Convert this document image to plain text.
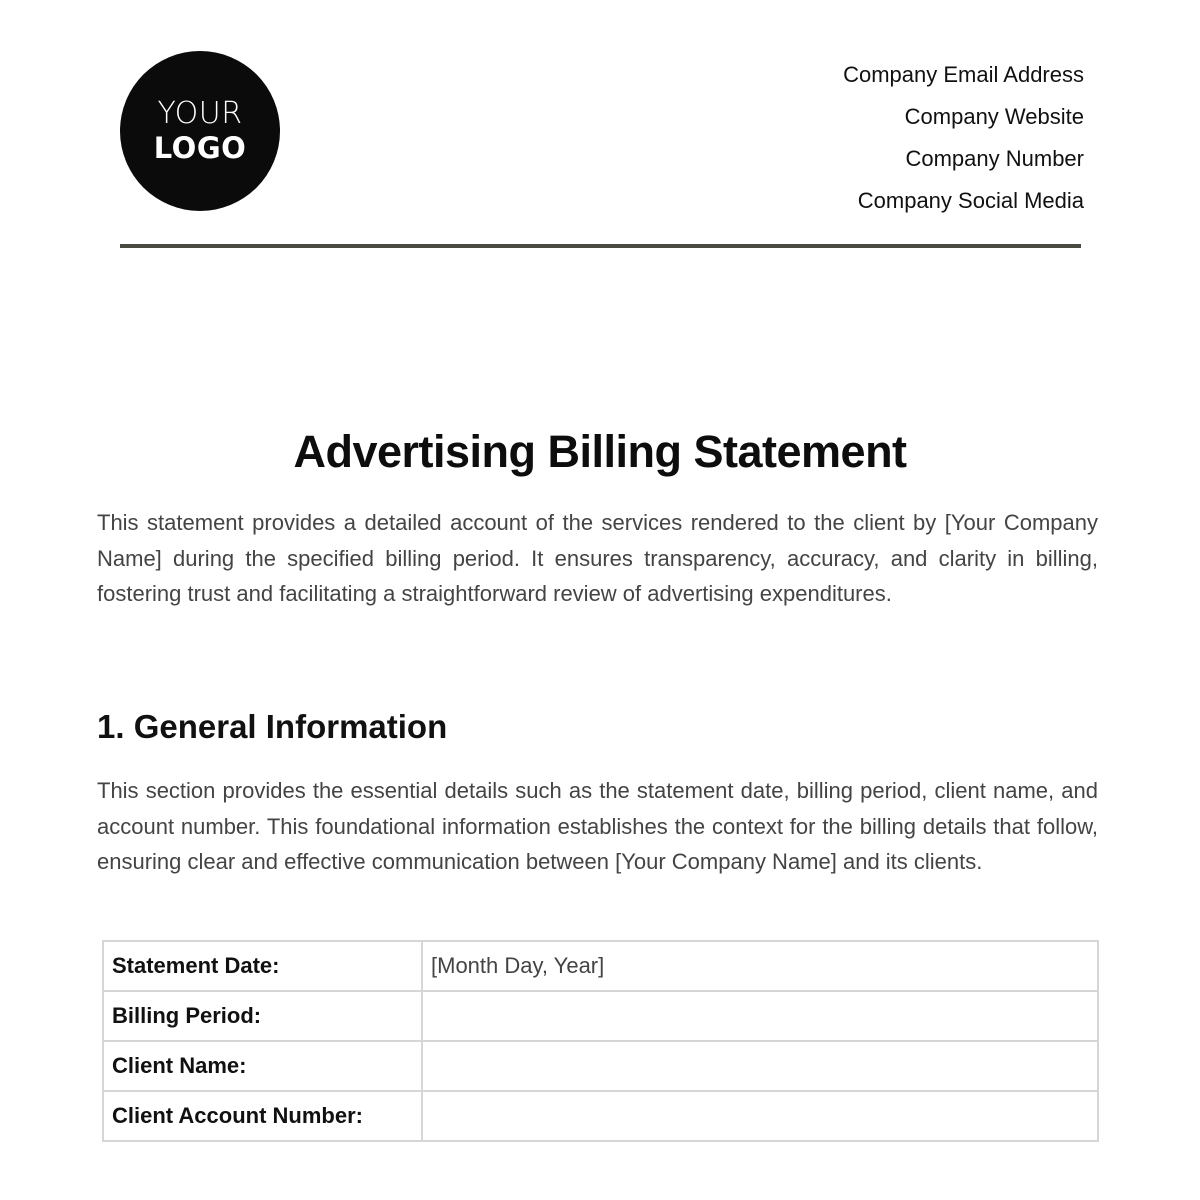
YOUR
LOGO
Company Email Address
Company Website
Company Number
Company Social Media
Advertising Billing Statement

This statement provides a detailed account of the services rendered to the client by [Your Company Name] during the specified billing period. It ensures transparency, accuracy, and clarity in billing, fostering trust and facilitating a straightforward review of advertising expenditures.

1. General Information

This section provides the essential details such as the statement date, billing period, client name, and account number. This foundational information establishes the context for the billing details that follow, ensuring clear and effective communication between [Your Company Name] and its clients.

Statement Date:	[Month Day, Year]
Billing Period:	
Client Name:	
Client Account Number:	
